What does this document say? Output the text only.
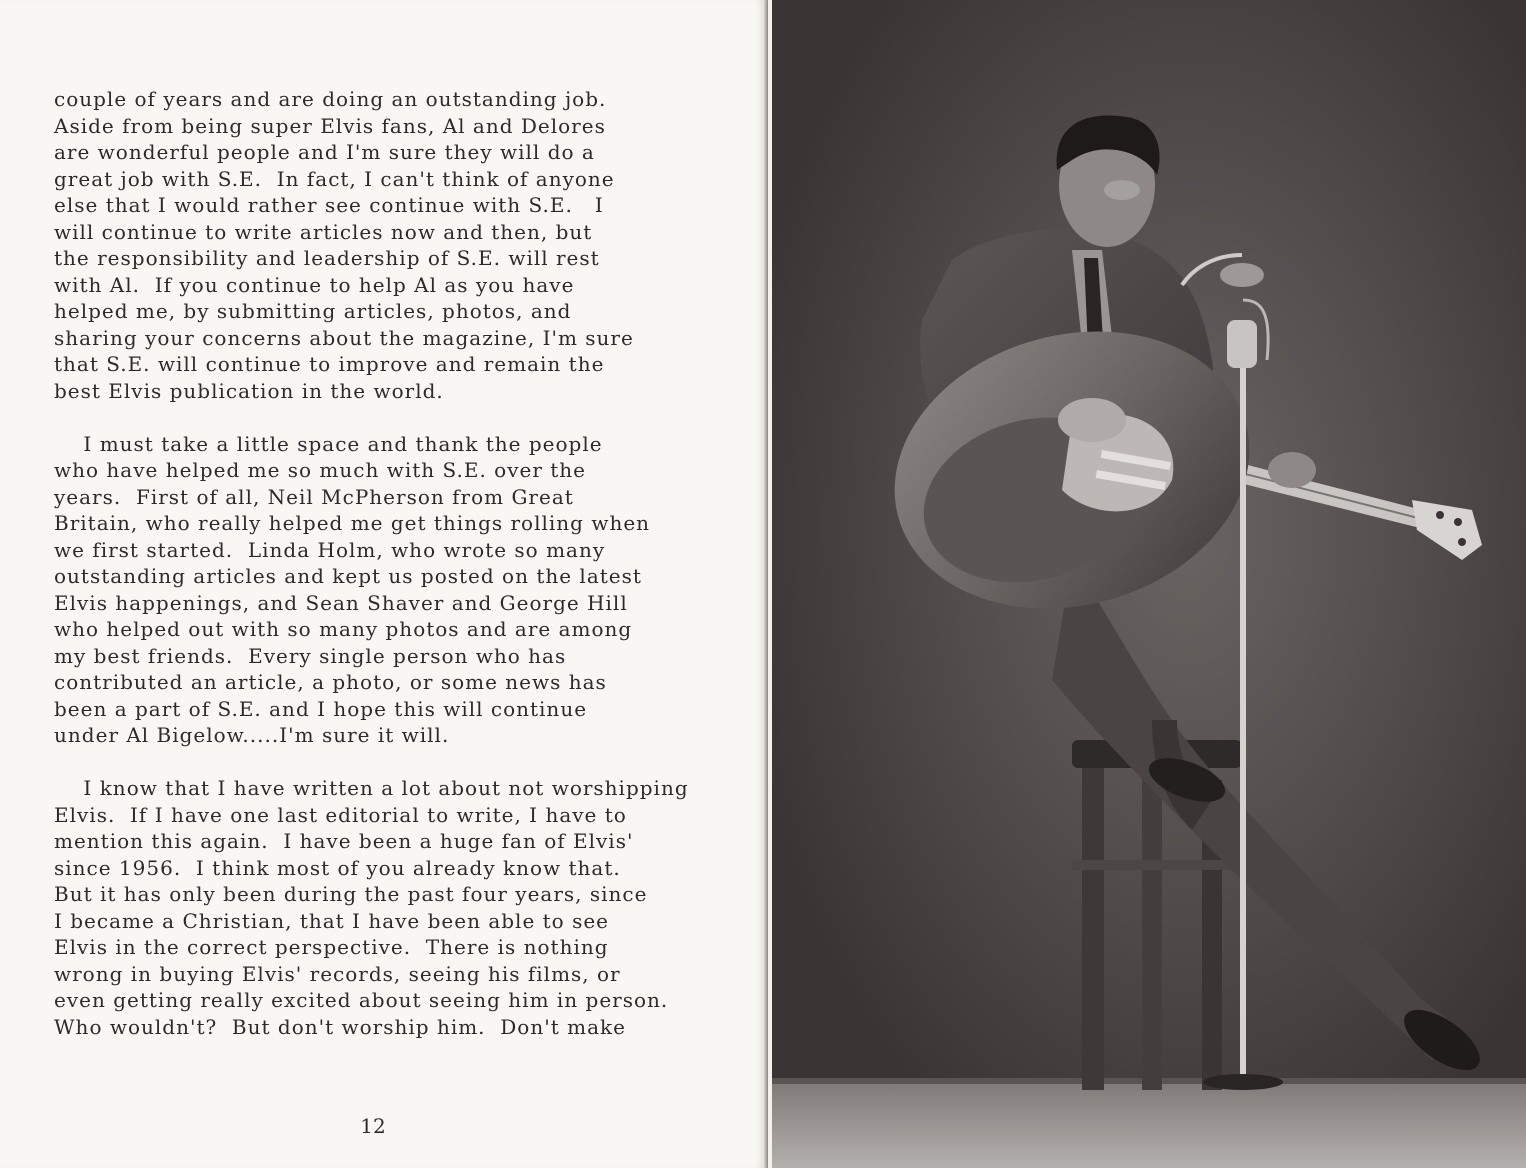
couple of years and are doing an outstanding job.
Aside from being super Elvis fans, Al and Delores
are wonderful people and I'm sure they will do a
great job with S.E.  In fact, I can't think of anyone
else that I would rather see continue with S.E.   I
will continue to write articles now and then, but
the responsibility and leadership of S.E. will rest
with Al.  If you continue to help Al as you have
helped me, by submitting articles, photos, and
sharing your concerns about the magazine, I'm sure
that S.E. will continue to improve and remain the
best Elvis publication in the world.
I must take a little space and thank the people
who have helped me so much with S.E. over the
years.  First of all, Neil McPherson from Great
Britain, who really helped me get things rolling when
we first started.  Linda Holm, who wrote so many
outstanding articles and kept us posted on the latest
Elvis happenings, and Sean Shaver and George Hill
who helped out with so many photos and are among
my best friends.  Every single person who has
contributed an article, a photo, or some news has
been a part of S.E. and I hope this will continue
under Al Bigelow.....I'm sure it will.
I know that I have written a lot about not worshipping
Elvis.  If I have one last editorial to write, I have to
mention this again.  I have been a huge fan of Elvis'
since 1956.  I think most of you already know that.
But it has only been during the past four years, since
I became a Christian, that I have been able to see
Elvis in the correct perspective.  There is nothing
wrong in buying Elvis' records, seeing his films, or
even getting really excited about seeing him in person.
Who wouldn't?  But don't worship him.  Don't make
12
